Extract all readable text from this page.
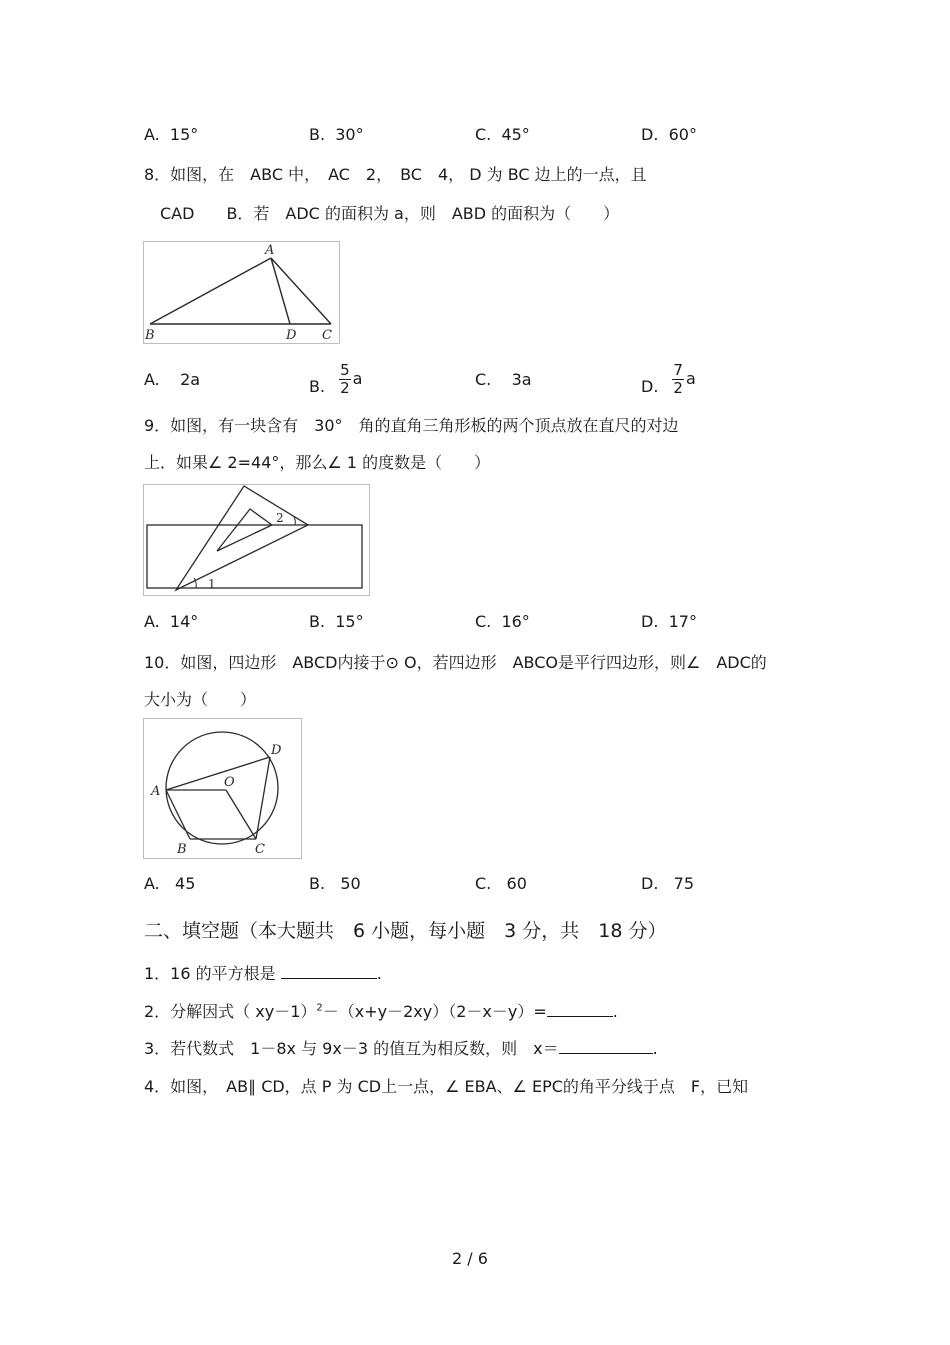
A. 15°	B. 30°	C. 45°	D. 60°
8．如图，在　ABC 中，　AC　2，　BC　4， D 为 BC 边上的一点，且
CAD　　B．若　ADC 的面积为 a，则　ABD 的面积为（　　）
A
B	D C
A. 2a	B. $\frac{5}{2}$ a	C. 3a	D. $\frac{7}{2}$ a
9．如图，有一块含有　30°　角的直角三角形板的两个顶点放在直尺的对边
上．如果∠ 2=44°，那么∠ 1 的度数是（　　）
2
1
A. 14°	B. 15°	C. 16°	D. 17°
10．如图，四边形　ABCD内接于⊙ O，若四边形　ABCO是平行四边形，则∠　ADC的
大小为（　　）
A
B	C
D
O
A. 45	B. 50	C. 60	D. 75
二、填空题（本大题共　6 小题，每小题　3 分，共　18 分）
1．16 的平方根是	.
2．分解因式（ xy－1）$^2$－（x+y－2xy）（2－x－y）=	.
3．若代数式　1－8x 与 9x－3 的值互为相反数，则　x＝	.
4．如图，　AB∥ CD，点 P 为 CD上一点，∠ EBA、∠ EPC的角平分线于点　F，已知
2 / 6
